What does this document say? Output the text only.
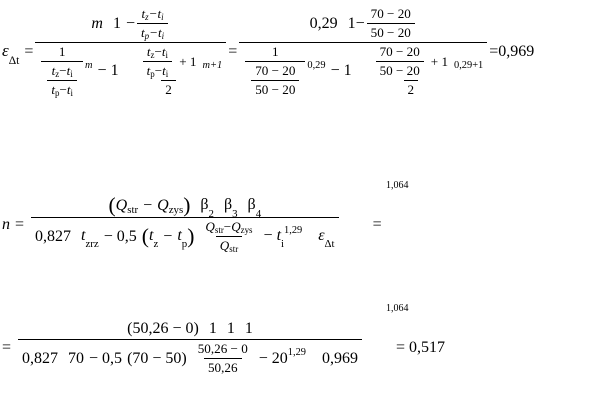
$\varepsilon_{\Delta t}$
=
m $1 - \frac{\text{t z − t i}}{\text{t p − t i}}$
$\frac{1}{\frac{\text{t z − t i}}{\text{t p − t i}}}$ $m - 1 \frac{\text{t z − t i}}{\text{t p − t i}} + 1$
2
m+1
=
0,29 $1 - \frac{70 - 20}{50 - 20}$
$\frac{1}{\frac{70 - 20}{50 - 20}} 0,29 - 1 \frac{70 - 20}{50 - 20} + 1$
2
0,29+1
= 0,969
1,064
n =
( Q str − Q zys ) $\beta_2$
$\beta_3$
$\beta_4$
0,827 $t_{zrz} - 0,5$ ( $t_z - t_p$ ) $\frac{\text{Q str − Q zys}}{\text{Q str}} - t_i$
1,29 $\varepsilon_{\Delta t}$
=
1,064
=
(50,26 − 0) 1 1 1
0,827 70 − 0,5 $(70 - 50) \frac{50,26 - 0}{50,26} - 20$ 1,29 0,969
= 0,517
